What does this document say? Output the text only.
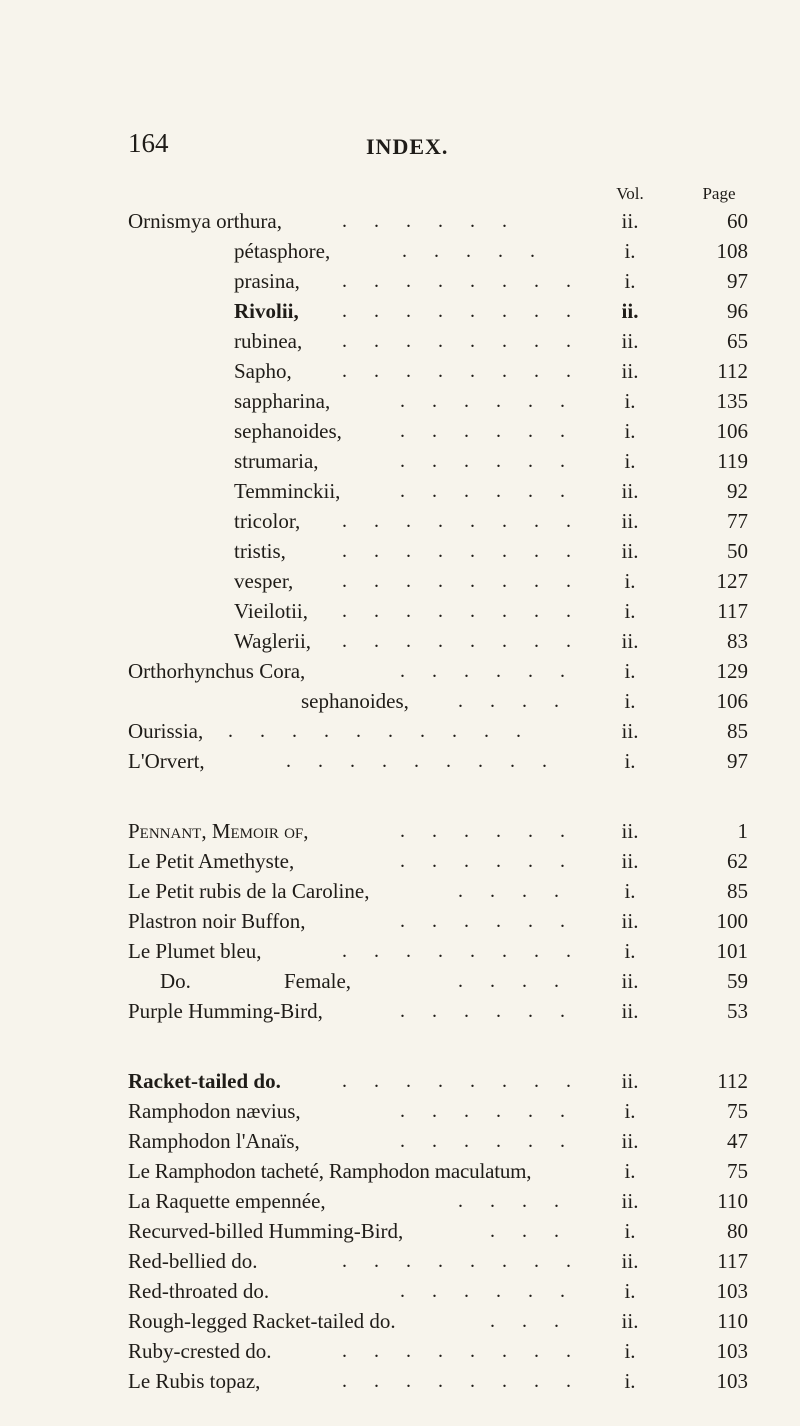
164	INDEX.
Vol.	Page
Ornismya orthura,	. . . . . .	ii.	60
pétasphore,	. . . . .	i.	108
prasina, . . . . . . . .	i.	97
Rivolii, . . . . . . . .	ii.	96
rubinea, . . . . . . . .	ii.	65
Sapho,	. . . . . . . .	ii.	112
sappharina,	. . . . . .	i.	135
sephanoides,	. . . . . .	i.	106
strumaria,	. . . . . .	i.	119
Temminckii,	. . . . . .	ii.	92
tricolor, . . . . . . . .	ii.	77
tristis,	. . . . . . . .	ii.	50
vesper, . . . . . . . .	i.	127
Vieilotii, . . . . . . . .	i.	117
Waglerii, . . . . . . . .	ii.	83
Orthorhynchus Cora,	. . . . . .	i.	129
sephanoides, . . . .	i.	106
Ourissia, . . . . . . . . . .	ii.	85
L'Orvert,	. . . . . . . . .	i.	97
Pennant, Memoir of,	. . . . . .	ii.	1
Le Petit Amethyste,	. . . . . .	ii.	62
Le Petit rubis de la Caroline,	. . . .	i.	85
Plastron noir Buffon,	. . . . . .	ii.	100
Le Plumet bleu,	. . . . . . . .	i.	101
Do.	Female,	. . . .	ii.	59
Purple Humming-Bird,	. . . . . .	ii.	53
Racket-tailed do.	. . . . . . . .	ii.	112
Ramphodon nævius,	. . . . . .	i.	75
Ramphodon l'Anaïs,	. . . . . .	ii.	47
Le Ramphodon tacheté, Ramphodon maculatum,	i.	75
La Raquette empennée,	. . . .	ii.	110
Recurved-billed Humming-Bird,	. . .	i.	80
Red-bellied do.	. . . . . . . .	ii.	117
Red-throated do.	. . . . . .	i.	103
Rough-legged Racket-tailed do.	. . .	ii.	110
Ruby-crested do.	. . . . . . . .	i.	103
Le Rubis topaz,	. . . . . . . .	i.	103
